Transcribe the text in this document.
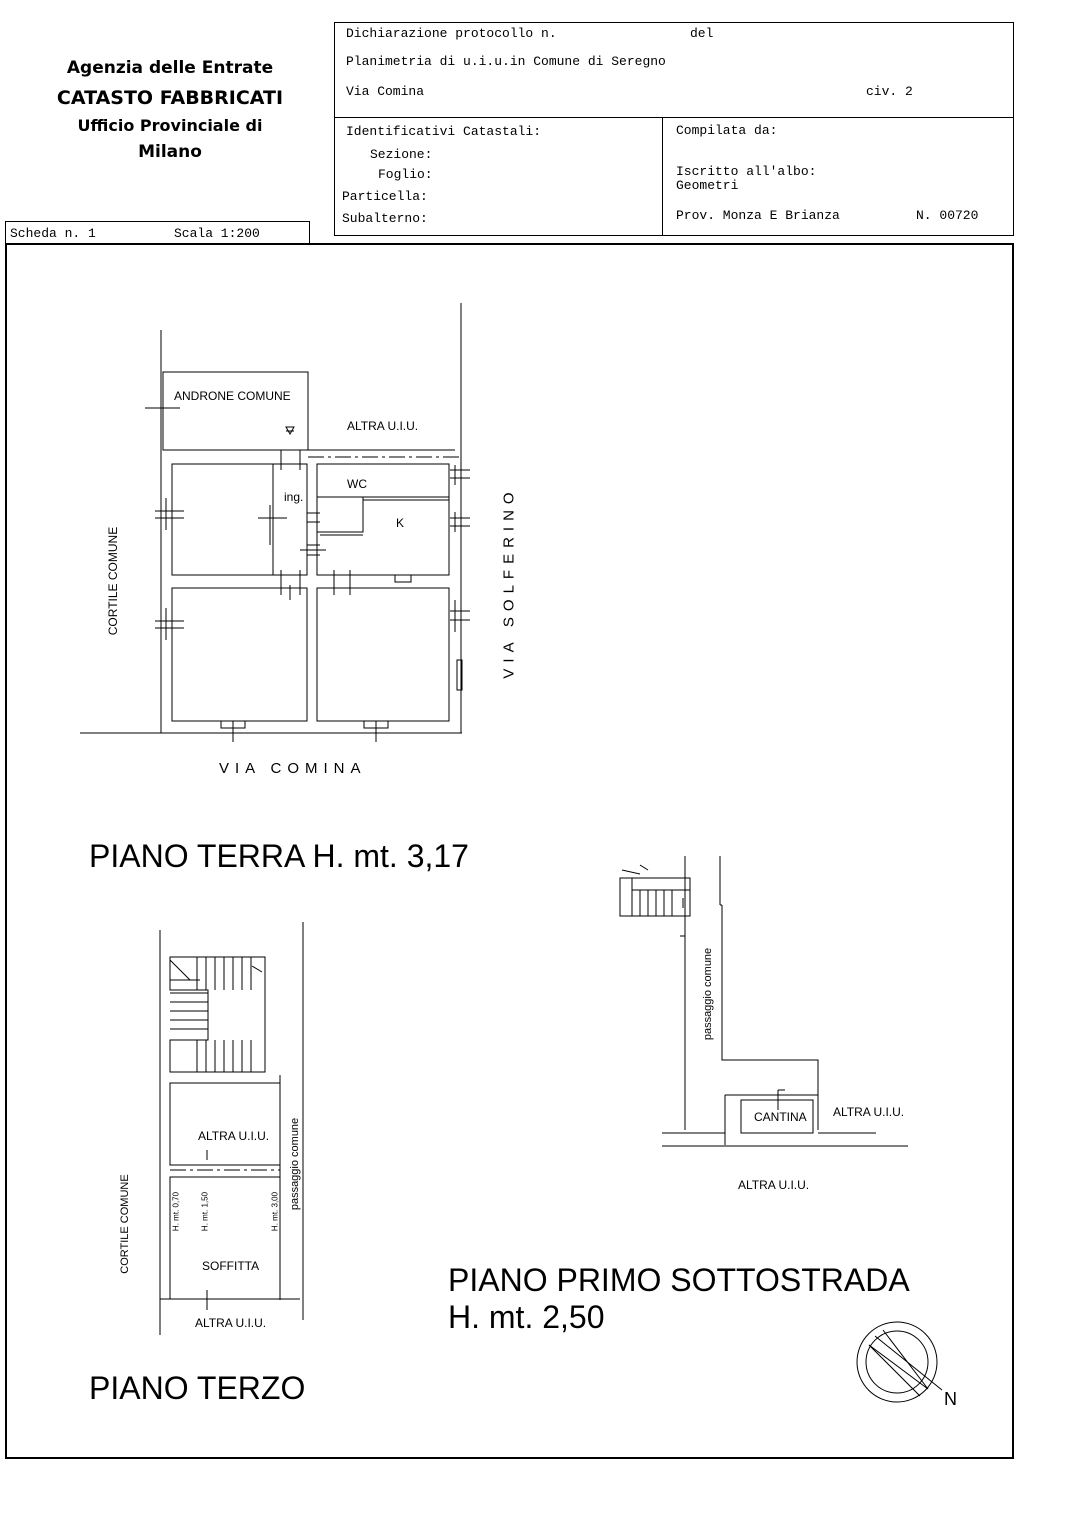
Agenzia delle Entrate
CATASTO FABBRICATI
Ufficio Provinciale di
Milano
Dichiarazione protocollo n.	del
Planimetria di u.i.u.in Comune di Seregno
Via Comina	civ. 2
Identificativi Catastali:
Sezione:
Foglio:
Particella:
Subalterno:
Compilata da:
Iscritto all'albo:
Geometri
Prov. Monza E Brianza	N. 00720
Scheda n. 1	Scala 1:200
ANDRONE COMUNE
ALTRA U.I.U.
WC
K
ing.
CORTILE COMUNE	VIA SOLFERINO
VIA COMINA
PIANO TERRA H. mt. 3,17
ALTRA U.I.U.
SOFFITTA
ALTRA U.I.U.
passaggio comune
CORTILE COMUNE	H. mt. 0,70	H. mt. 1,50	H. mt. 3,00
PIANO TERZO
passaggio comune
CANTINA ALTRA U.I.U.
ALTRA U.I.U.
PIANO PRIMO SOTTOSTRADA
H. mt. 2,50
N
